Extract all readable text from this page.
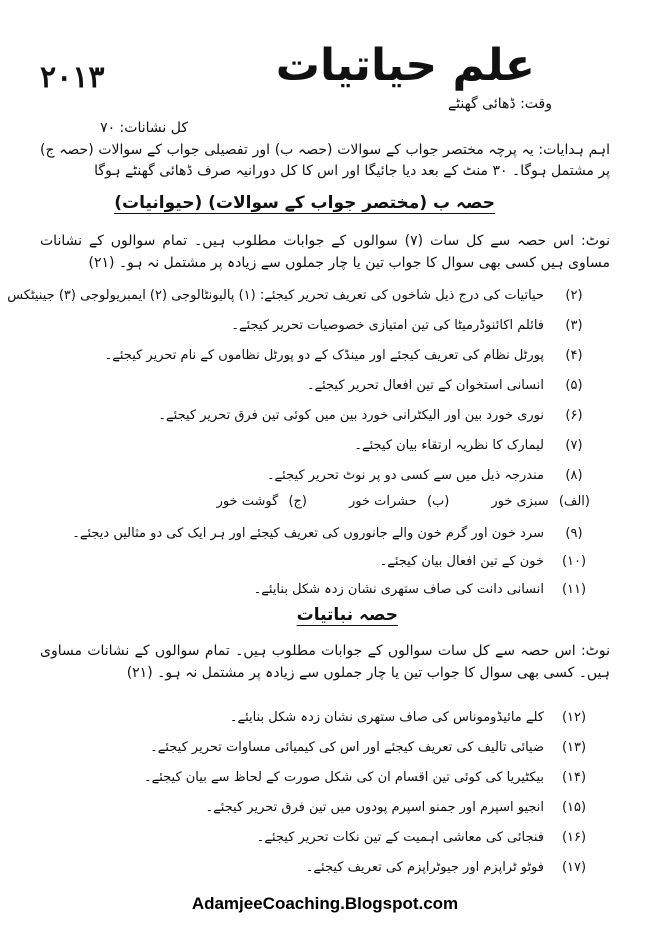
۲۰۱۳	علم حیاتیات
وقت: ڈھائی گھنٹے
کل نشانات: ۷۰
اہم ہدایات: یہ پرچہ مختصر جواب کے سوالات (حصہ ب) اور تفصیلی جواب کے سوالات (حصہ ج) پر مشتمل ہوگا۔ ۳۰ منٹ کے بعد دیا جائیگا اور اس کا کل دورانیہ صرف ڈھائی گھنٹے ہوگا
حصہ ب (مختصر جواب کے سوالات) (حیوانیات)
نوٹ: اس حصہ سے کل سات (۷) سوالوں کے جوابات مطلوب ہیں۔ تمام سوالوں کے نشانات مساوی ہیں کسی بھی سوال کا جواب تین یا چار جملوں سے زیادہ پر مشتمل نہ ہو۔ (۲۱)
(۲)
حیاتیات کی درج ذیل شاخوں کی تعریف تحریر کیجئے: (۱) پالیونٹالوجی (۲) ایمبریولوجی (۳) جینیٹکس
(۳)
فائلم اکائنوڈرمیٹا کی تین امتیازی خصوصیات تحریر کیجئے۔
(۴)
پورٹل نظام کی تعریف کیجئے اور مینڈک کے دو پورٹل نظاموں کے نام تحریر کیجئے۔
(۵)
انسانی استخوان کے تین افعال تحریر کیجئے۔
(۶)
نوری خورد بین اور الیکٹرانی خورد بین میں کوئی تین فرق تحریر کیجئے۔
(۷)
لیمارک کا نظریہ ارتقاء بیان کیجئے۔
(۸)
مندرجہ ذیل میں سے کسی دو پر نوٹ تحریر کیجئے۔
(الف) سبزی خور
(ب) حشرات خور
(ج) گوشت خور
(۹)
سرد خون اور گرم خون والے جانوروں کی تعریف کیجئے اور ہر ایک کی دو مثالیں دیجئے۔
(۱۰)
خون کے تین افعال بیان کیجئے۔
(۱۱)
انسانی دانت کی صاف ستھری نشان زدہ شکل بنایئے۔
حصہ نباتیات
نوٹ: اس حصہ سے کل سات سوالوں کے جوابات مطلوب ہیں۔ تمام سوالوں کے نشانات مساوی ہیں۔ کسی بھی سوال کا جواب تین یا چار جملوں سے زیادہ پر مشتمل نہ ہو۔ (۲۱)
(۱۲)
کلے مائیڈوموناس کی صاف ستھری نشان زدہ شکل بنایئے۔
(۱۳)
ضیائی تالیف کی تعریف کیجئے اور اس کی کیمیائی مساوات تحریر کیجئے۔
(۱۴)
بیکٹیریا کی کوئی تین اقسام ان کی شکل صورت کے لحاظ سے بیان کیجئے۔
(۱۵)
انجیو اسپرم اور جمنو اسپرم پودوں میں تین فرق تحریر کیجئے۔
(۱۶)
فنجائی کی معاشی اہمیت کے تین نکات تحریر کیجئے۔
(۱۷)
فوٹو ٹراپزم اور جیوٹراپزم کی تعریف کیجئے۔
AdamjeeCoaching.Blogspot.com
